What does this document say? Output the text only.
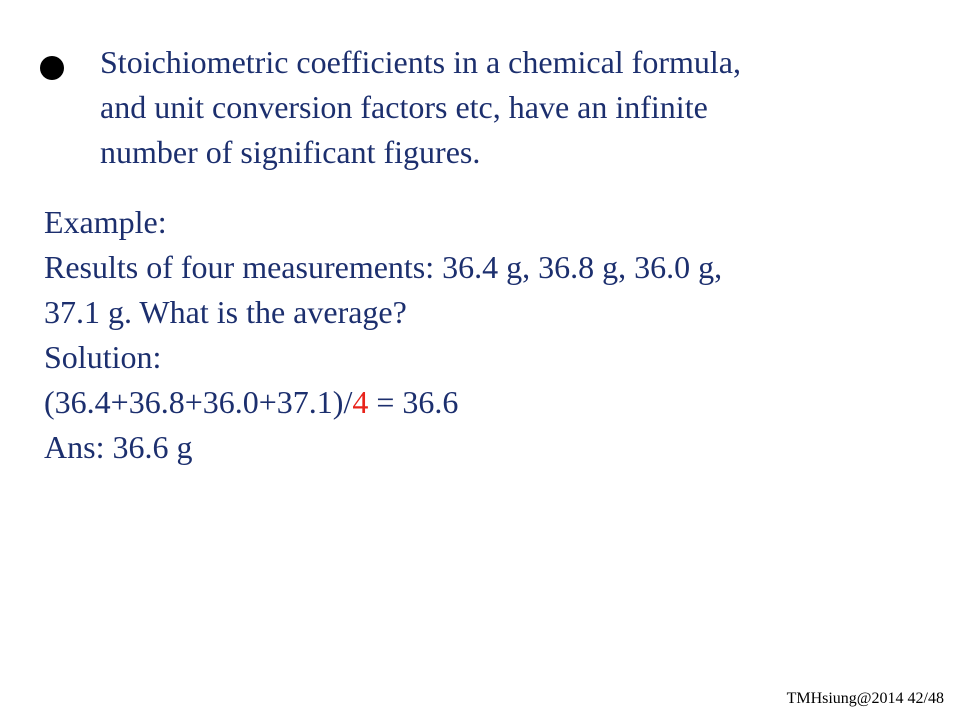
Stoichiometric coefficients in a chemical formula,
and unit conversion factors etc, have an infinite
number of significant figures.
Example:
Results of four measurements: 36.4 g, 36.8 g, 36.0 g,
37.1 g. What is the average?
Solution:
(36.4+36.8+36.0+37.1)/4 = 36.6
Ans: 36.6 g
TMHsiung@2014 42/48
